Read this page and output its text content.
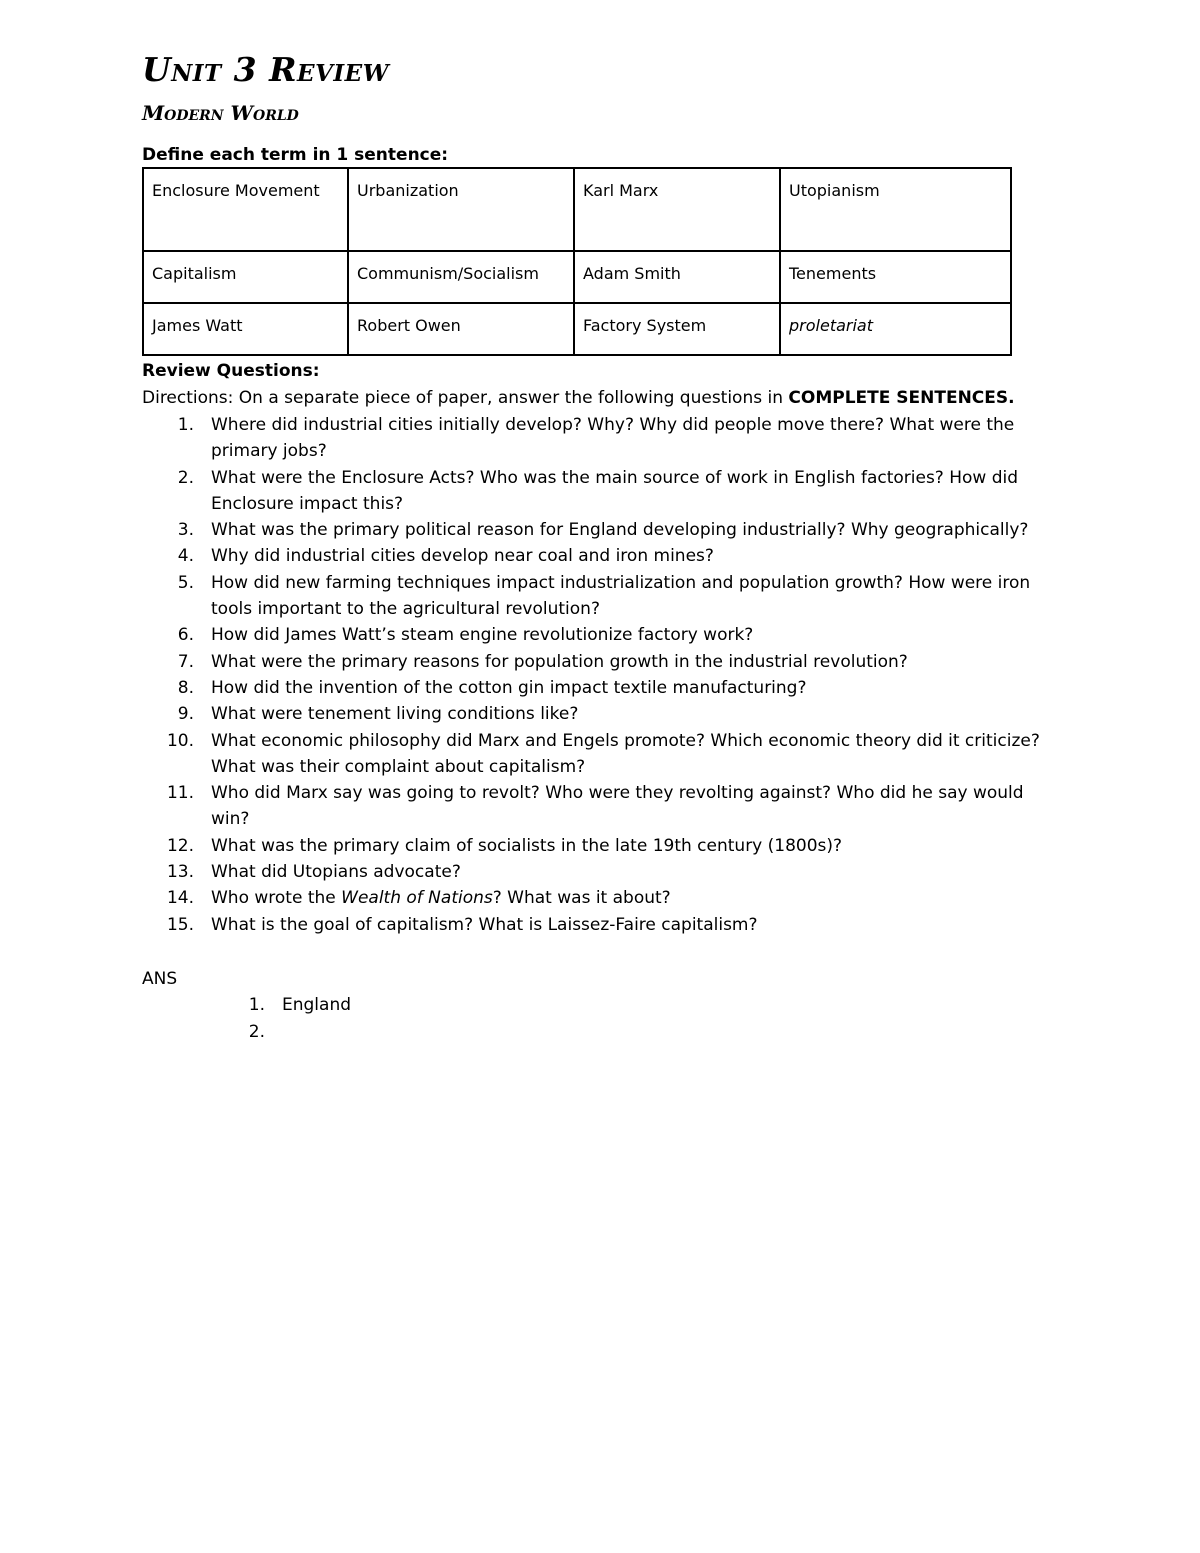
Unit 3 Review
Modern World
Define each term in 1 sentence:
Enclosure Movement	Urbanization	Karl Marx	Utopianism
Capitalism	Communism/Socialism	Adam Smith	Tenements
James Watt	Robert Owen	Factory System	proletariat
Review Questions:
Directions: On a separate piece of paper, answer the following questions in COMPLETE SENTENCES.
1. Where did industrial cities initially develop? Why? Why did people move there? What were the primary jobs?
2. What were the Enclosure Acts? Who was the main source of work in English factories? How did Enclosure impact this?
3. What was the primary political reason for England developing industrially? Why geographically?
4. Why did industrial cities develop near coal and iron mines?
5. How did new farming techniques impact industrialization and population growth? How were iron tools important to the agricultural revolution?
6. How did James Watt’s steam engine revolutionize factory work?
7. What were the primary reasons for population growth in the industrial revolution?
8. How did the invention of the cotton gin impact textile manufacturing?
9. What were tenement living conditions like?
10. What economic philosophy did Marx and Engels promote? Which economic theory did it criticize? What was their complaint about capitalism?
11. Who did Marx say was going to revolt? Who were they revolting against? Who did he say would win?
12. What was the primary claim of socialists in the late 19th century (1800s)?
13. What did Utopians advocate?
14. Who wrote the Wealth of Nations? What was it about?
15. What is the goal of capitalism? What is Laissez-Faire capitalism?
ANS
1. England
2.
